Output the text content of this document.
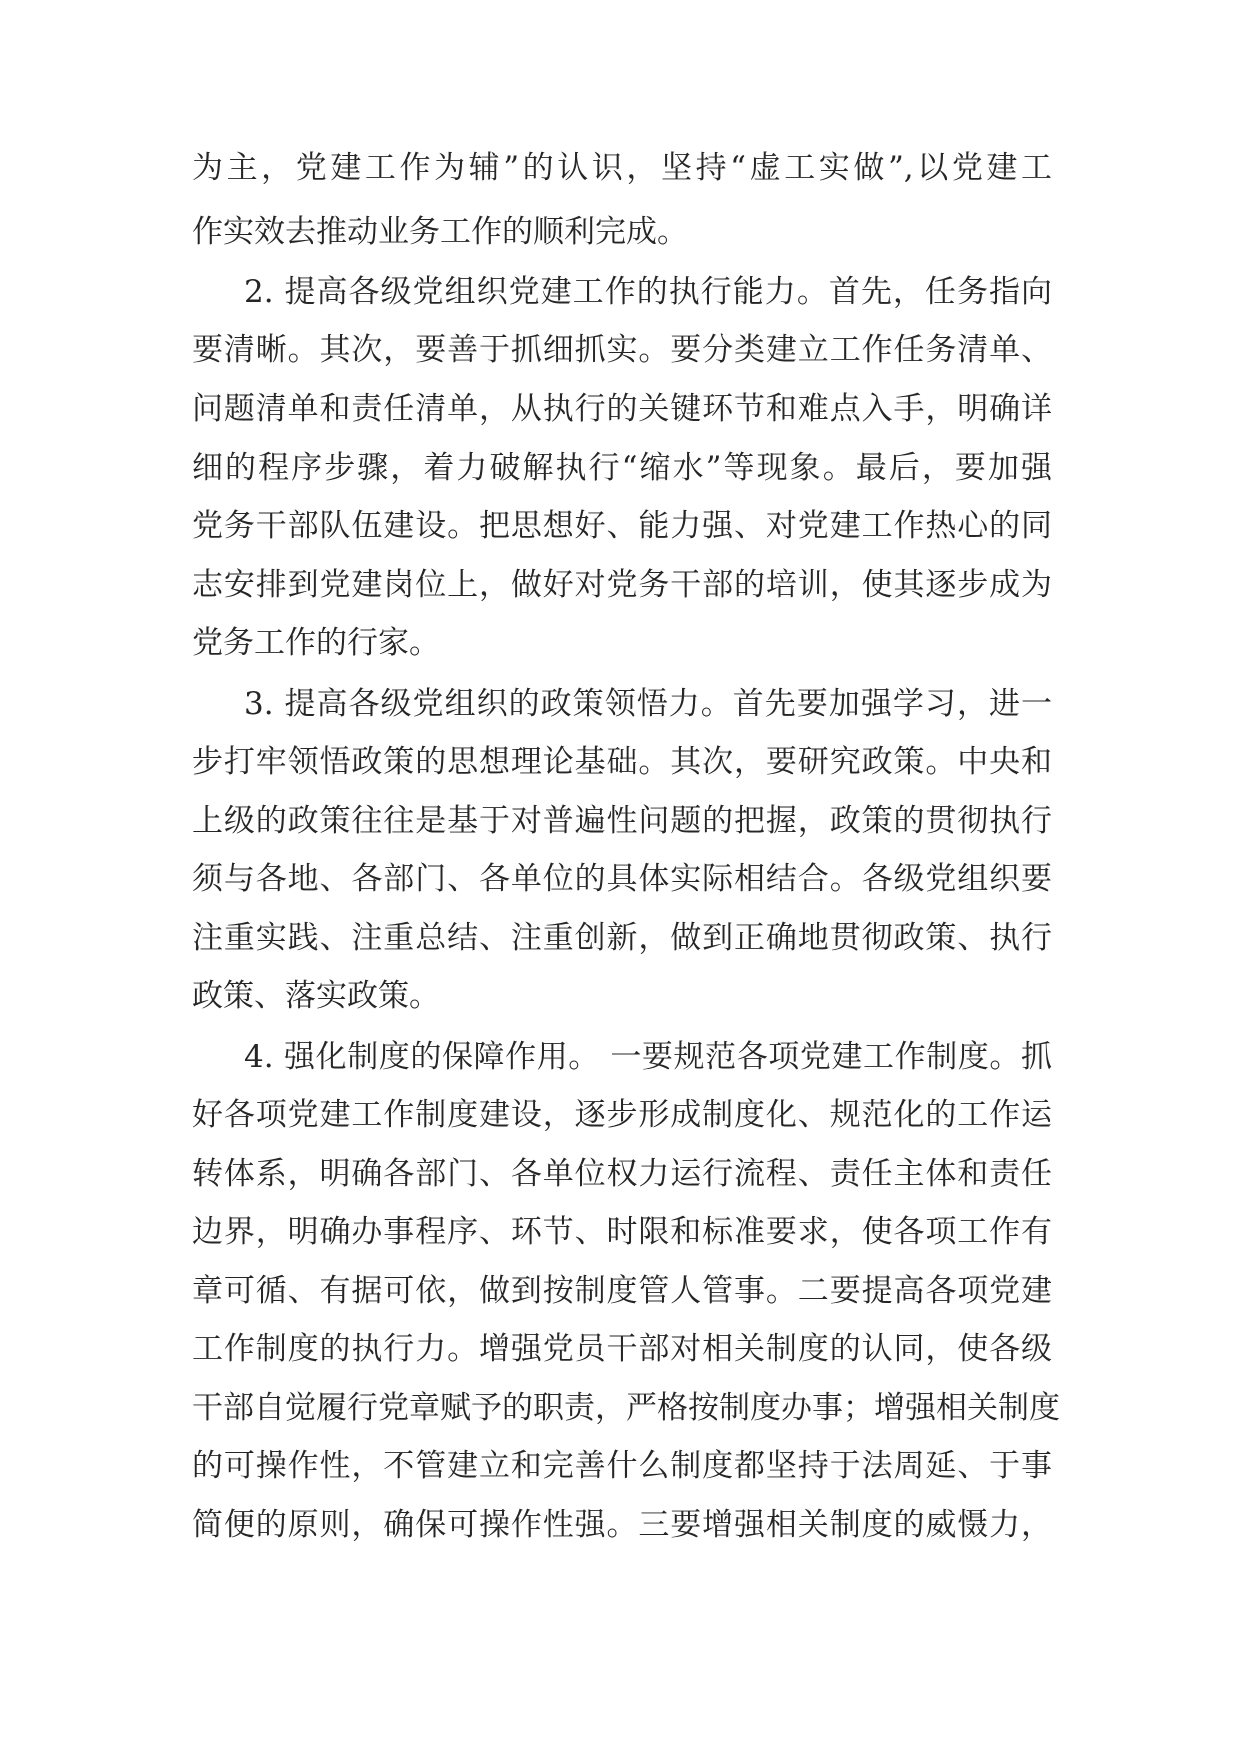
为主，党建工作为辅”的认识，坚持“虚工实做”,以党建工
作实效去推动业务工作的顺利完成。
2. 提高各级党组织党建工作的执行能力。首先，任务指向
要清晰。其次，要善于抓细抓实。要分类建立工作任务清单、
问题清单和责任清单，从执行的关键环节和难点入手，明确详
细的程序步骤，着力破解执行“缩水”等现象。最后，要加强
党务干部队伍建设。把思想好、能力强、对党建工作热心的同
志安排到党建岗位上，做好对党务干部的培训，使其逐步成为
党务工作的行家。
3. 提高各级党组织的政策领悟力。首先要加强学习，进一
步打牢领悟政策的思想理论基础。其次，要研究政策。中央和
上级的政策往往是基于对普遍性问题的把握，政策的贯彻执行
须与各地、各部门、各单位的具体实际相结合。各级党组织要
注重实践、注重总结、注重创新，做到正确地贯彻政策、执行
政策、落实政策。
4. 强化制度的保障作用。 一要规范各项党建工作制度。抓
好各项党建工作制度建设，逐步形成制度化、规范化的工作运
转体系，明确各部门、各单位权力运行流程、责任主体和责任
边界，明确办事程序、环节、时限和标准要求，使各项工作有
章可循、有据可依，做到按制度管人管事。二要提高各项党建
工作制度的执行力。增强党员干部对相关制度的认同，使各级
干部自觉履行党章赋予的职责，严格按制度办事；增强相关制度
的可操作性，不管建立和完善什么制度都坚持于法周延、于事
简便的原则，确保可操作性强。三要增强相关制度的威慑力，
